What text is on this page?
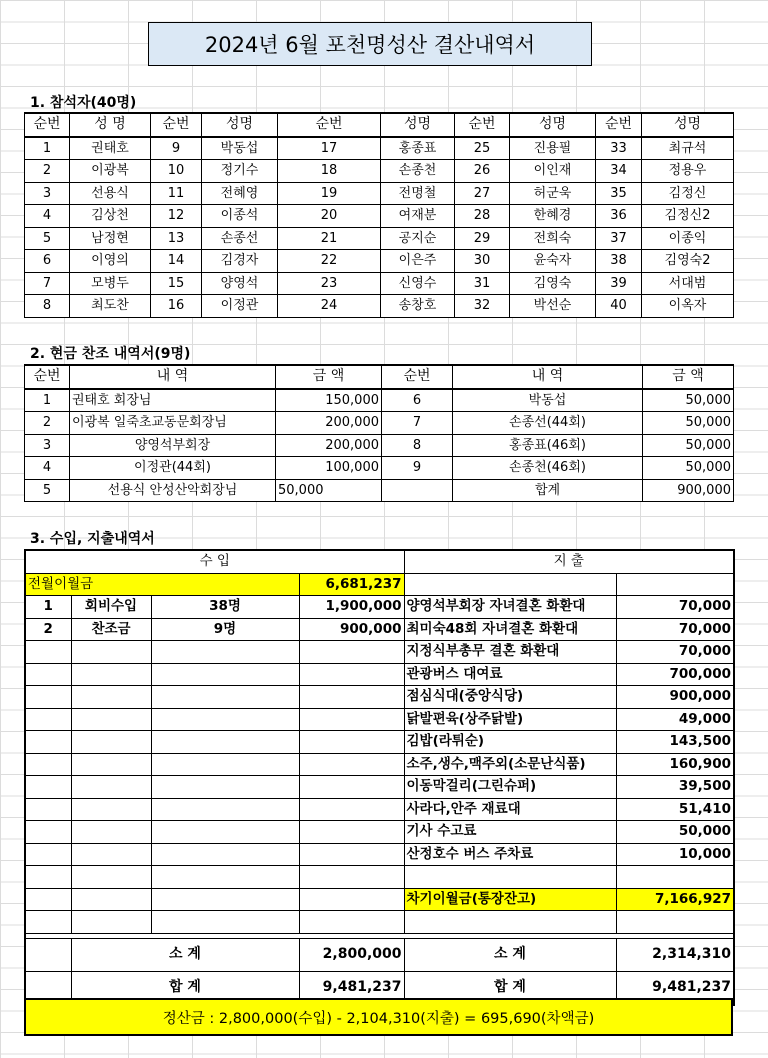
2024년 6월 포천명성산 결산내역서
1. 참석자(40명)
순번	성 명	순번	성명	순번	성명	순번	성명	순번	성명
1	권태호	9	박동섭	17	홍종표	25	진용필	33	최규석
2	이광복	10	정기수	18	손종천	26	이인재	34	정용우
3	선용식	11	전혜영	19	전명철	27	허군욱	35	김정신
4	김상천	12	이종석	20	여재분	28	한혜경	36	김정신2
5	남정현	13	손종선	21	공지순	29	전희숙	37	이종익
6	이영의	14	김경자	22	이은주	30	윤숙자	38	김영숙2
7	모병두	15	양영석	23	신영수	31	김영숙	39	서대범
8	최도찬	16	이정관	24	송창호	32	박선순	40	이옥자
2. 현금 찬조 내역서(9명)
순번	내 역	금 액	순번	내 역	금 액
1	권태호 회장님	150,000	6	박동섭	50,000
2	이광복 일죽초교동문회장님	200,000	7	손종선(44회)	50,000
3	양영석부회장	200,000	8	홍종표(46회)	50,000
4	이정관(44회)	100,000	9	손종천(46회)	50,000
5	선용식 안성산악회장님	50,000		합계	900,000
3. 수입, 지출내역서
수 입				지 출	
전월이월금			6,681,237		
1	회비수입	38명	1,900,000	양영석부회장 자녀결혼 화환대	70,000
2	찬조금	9명	900,000	최미숙48회 자녀결혼 화환대	70,000
				지정식부총무 결혼 화환대	70,000
				관광버스 대여료	700,000
				점심식대(중앙식당)	900,000
				닭발편육(상주닭발)	49,000
				김밥(라튀순)	143,500
				소주,생수,맥주외(소문난식품)	160,900
				이동막걸리(그린슈퍼)	39,500
				사라다,안주 재료대	51,410
				기사 수고료	50,000
				산정호수 버스 주차료	10,000

				차기이월금(통장잔고)	7,166,927

	소 계		2,800,000	소 계	2,314,310
	합 계		9,481,237	합 계	9,481,237
정산금 : 2,800,000(수입) - 2,104,310(지출) = 695,690(차액금)
